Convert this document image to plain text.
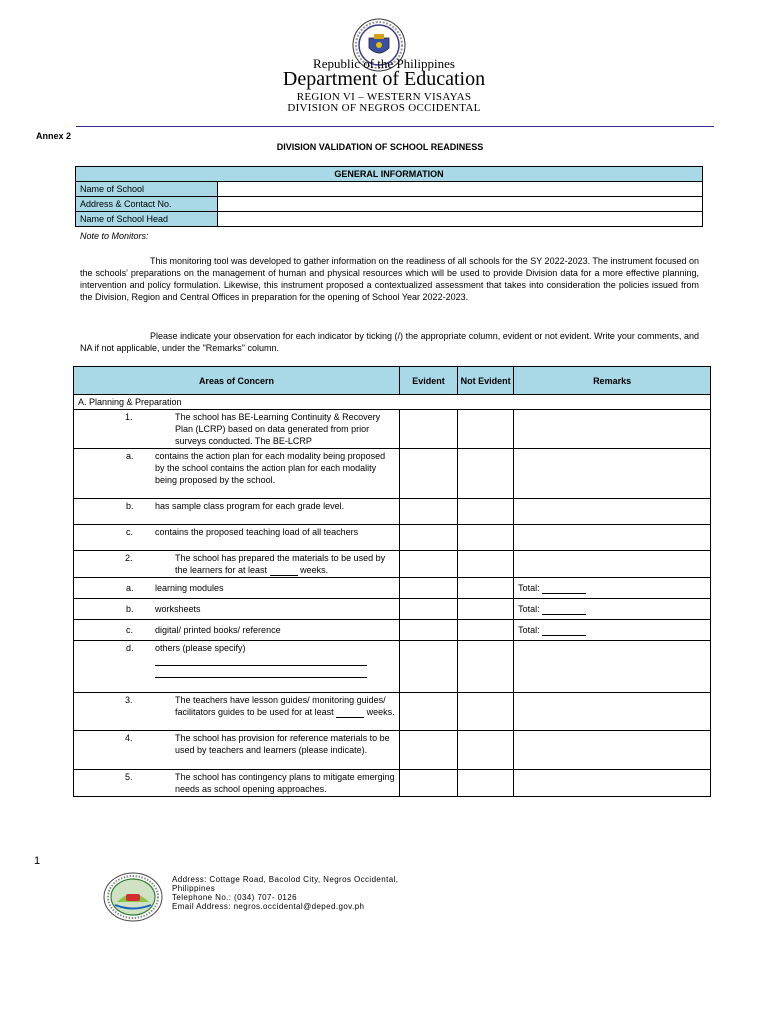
Republic of the Philippines
Department of Education
REGION VI – WESTERN VISAYAS
DIVISION OF NEGROS OCCIDENTAL
Annex 2
DIVISION VALIDATION OF SCHOOL READINESS
GENERAL INFORMATION	
Name of School	
Address & Contact No.	
Name of School Head	
Note to Monitors:
This monitoring tool was developed to gather information on the readiness of all schools for the SY 2022-2023. The instrument focused on the schools' preparations on the management of human and physical resources which will be used to provide Division data for a more effective planning, intervention and policy formulation. Likewise, this instrument proposed a contextualized assessment that takes into consideration the policies issued from the Division, Region and Central Offices in preparation for the opening of School Year 2022-2023.
Please indicate your observation for each indicator by ticking (/) the appropriate column, evident or not evident. Write your comments, and NA if not applicable, under the "Remarks" column.
Areas of Concern	Evident	Not Evident	Remarks
A. Planning & Preparation			

1. The school has BE-Learning Continuity & Recovery Plan (LCRP) based on data generated from prior surveys conducted. The BE-LCRP			

a. contains the action plan for each modality being proposed by the school contains the action plan for each modality being proposed by the school.			

b. has sample class program for each grade level.			

c. contains the proposed teaching load of all teachers			

2. The school has prepared the materials to be used by the learners for at least weeks.			

a. learning modules			Total:

b. worksheets			Total:

c. digital/ printed books/ reference			Total:

d. others (please specify)			

3. The teachers have lesson guides/ monitoring guides/ facilitators guides to be used for at least weeks.			

4. The school has provision for reference materials to be used by teachers and learners (please indicate).			

5. The school has contingency plans to mitigate emerging needs as school opening approaches.			

1
Address: Cottage Road, Bacolod City, Negros Occidental,
Philippines
Telephone No.: (034) 707- 0126
Email Address: negros.occidental@deped.gov.ph
